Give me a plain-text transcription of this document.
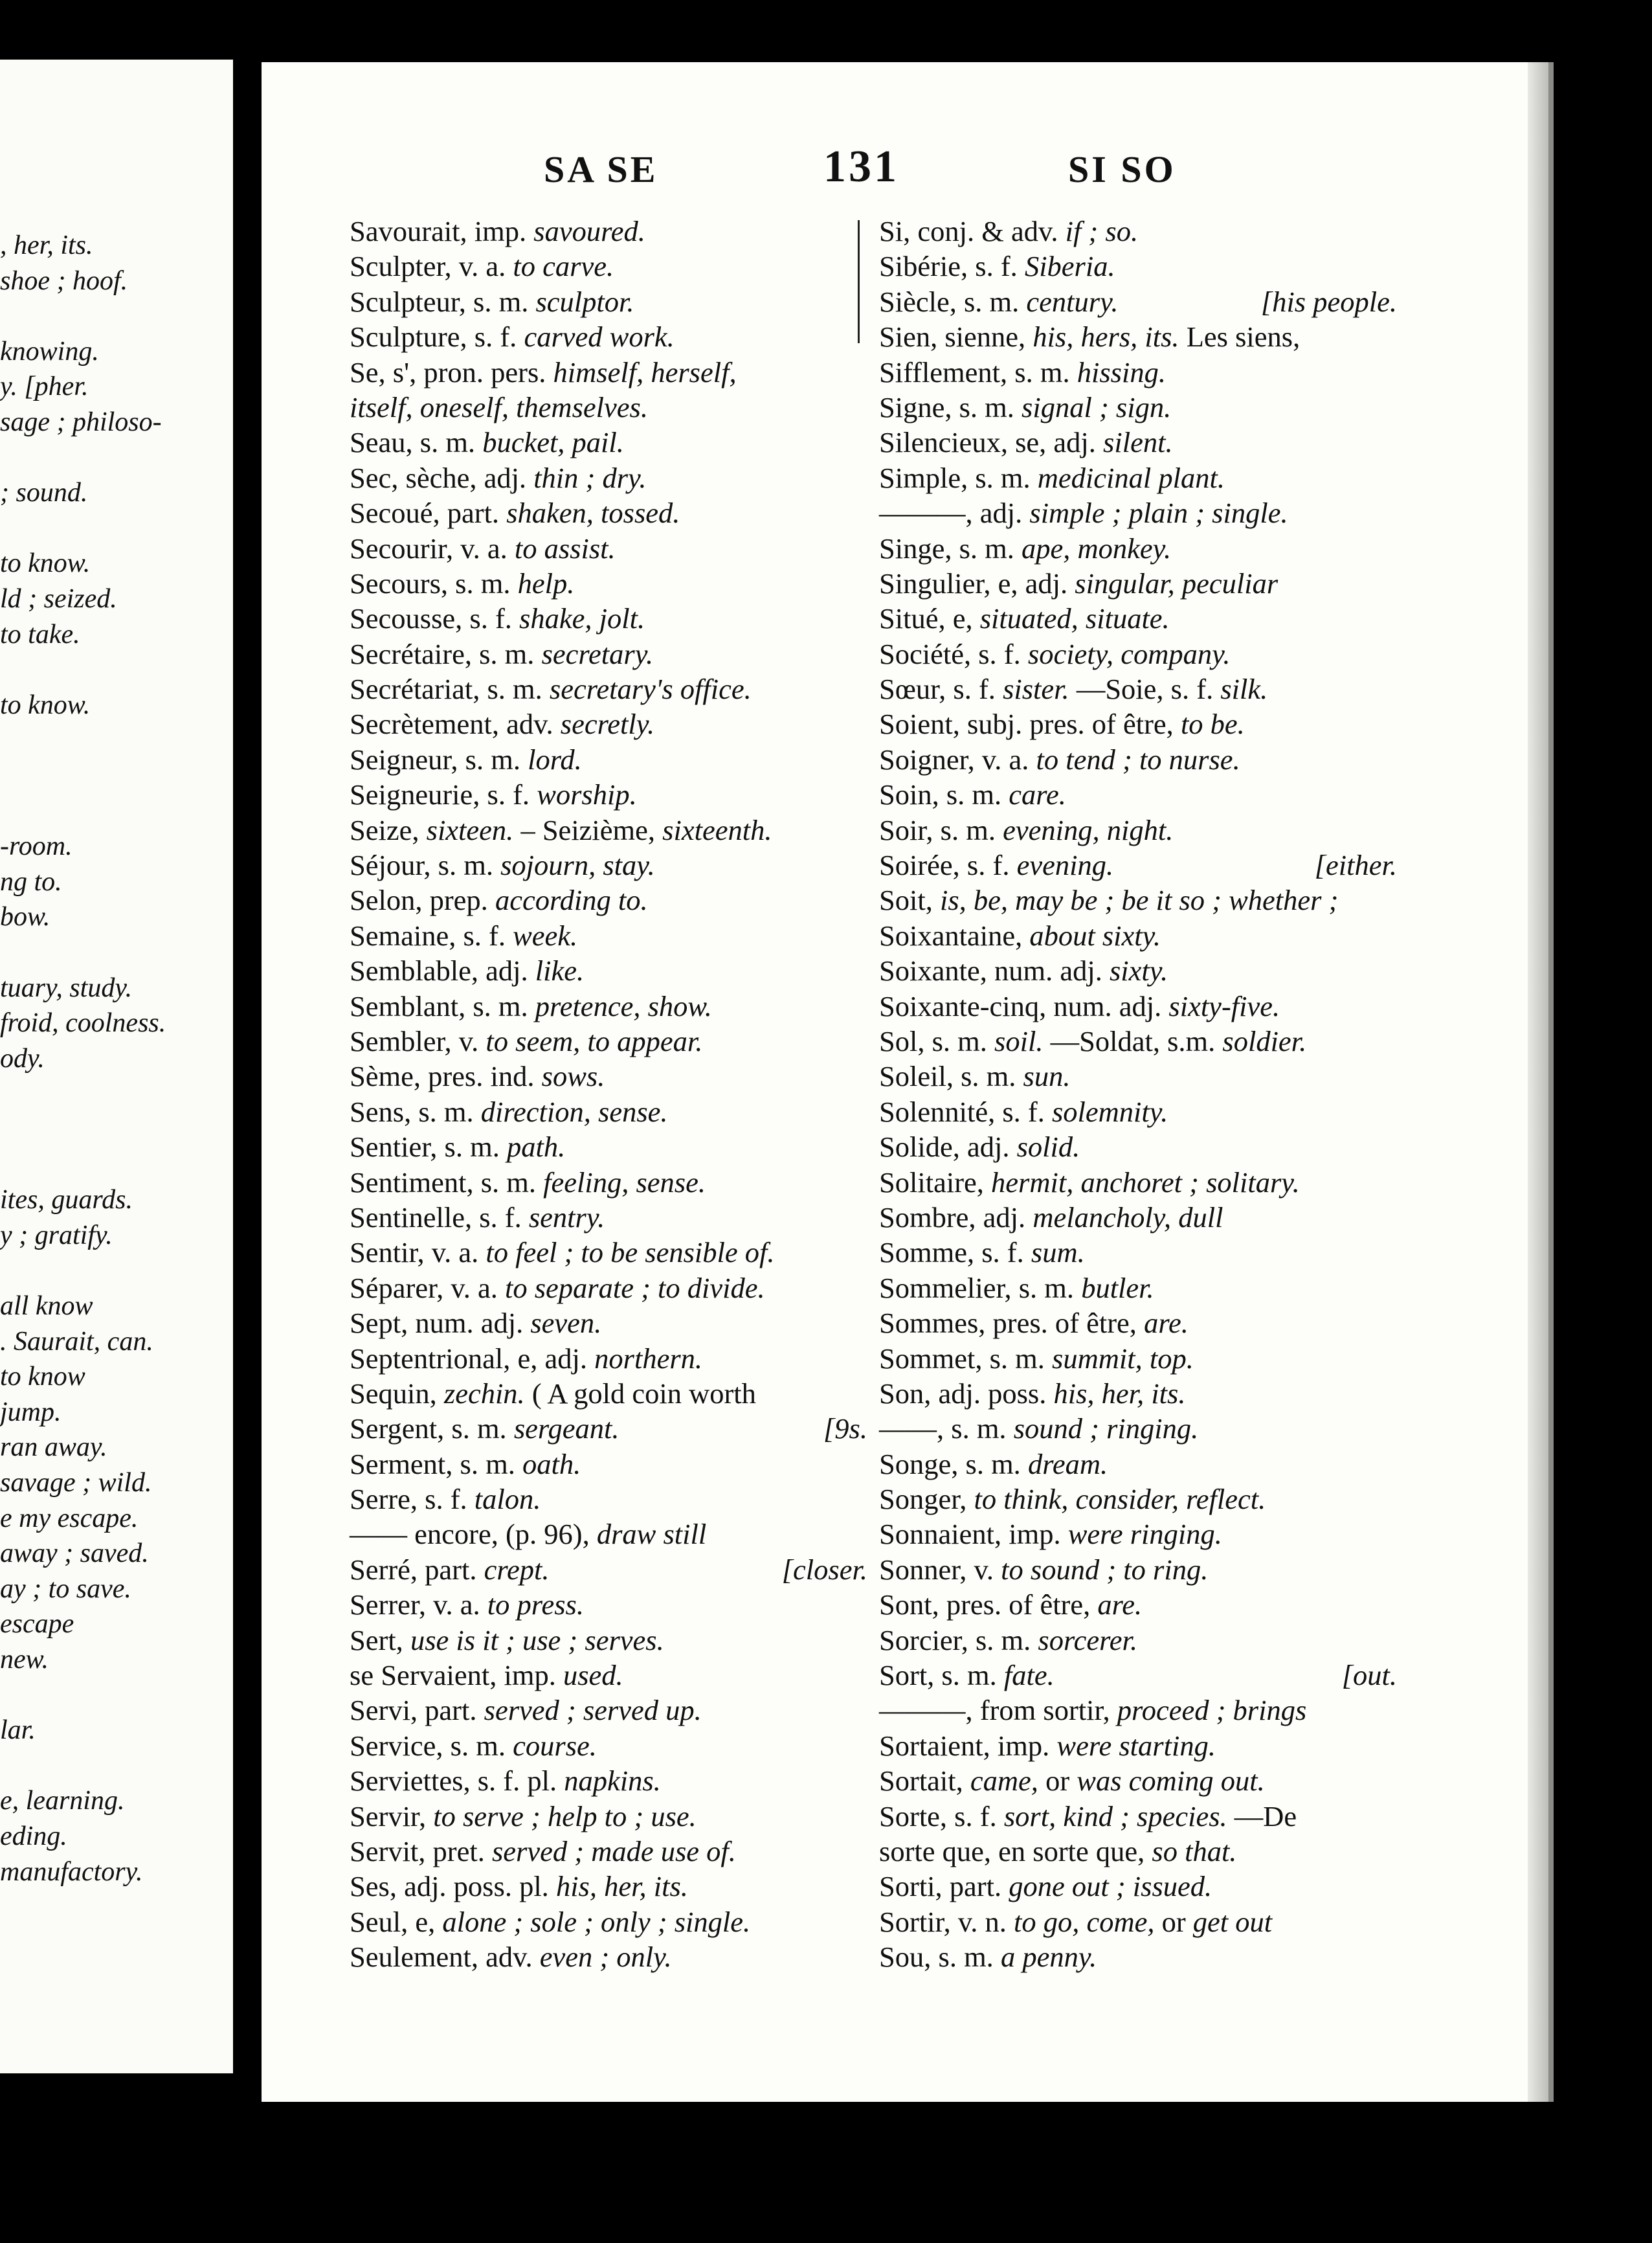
, her, its.
shoe ; hoof.
knowing.
y. [pher.
sage ; philoso-
; sound.
to know.
ld ; seized.
to take.
to know.
-room.
ng to.
bow.
tuary, study.
froid, coolness.
ody.
ites, guards.
y ; gratify.
all know
. Saurait, can.
to know
jump.
ran away.
savage ; wild.
e my escape.
away ; saved.
ay ; to save.
escape
new.
lar.
e, learning.
eding.
manufactory.
SA SE	131	SI SO
Savourait, imp. savoured.
Sculpter, v. a. to carve.
Sculpteur, s. m. sculptor.
Sculpture, s. f. carved work.
Se, s', pron. pers. himself, herself,
itself, oneself, themselves.
Seau, s. m. bucket, pail.
Sec, sèche, adj. thin ; dry.
Secoué, part. shaken, tossed.
Secourir, v. a. to assist.
Secours, s. m. help.
Secousse, s. f. shake, jolt.
Secrétaire, s. m. secretary.
Secrétariat, s. m. secretary's office.
Secrètement, adv. secretly.
Seigneur, s. m. lord.
Seigneurie, s. f. worship.
Seize, sixteen. – Seizième, sixteenth.
Séjour, s. m. sojourn, stay.
Selon, prep. according to.
Semaine, s. f. week.
Semblable, adj. like.
Semblant, s. m. pretence, show.
Sembler, v. to seem, to appear.
Sème, pres. ind. sows.
Sens, s. m. direction, sense.
Sentier, s. m. path.
Sentiment, s. m. feeling, sense.
Sentinelle, s. f. sentry.
Sentir, v. a. to feel ; to be sensible of.
Séparer, v. a. to separate ; to divide.
Sept, num. adj. seven.
Septentrional, e, adj. northern.
Sequin, zechin. ( A gold coin worth
[9s.
Sergent, s. m. sergeant.
Serment, s. m. oath.
Serre, s. f. talon.
—— encore, (p. 96), draw still
[closer.
Serré, part. crept.
Serrer, v. a. to press.
Sert, use is it ; use ; serves.
se Servaient, imp. used.
Servi, part. served ; served up.
Service, s. m. course.
Serviettes, s. f. pl. napkins.
Servir, to serve ; help to ; use.
Servit, pret. served ; made use of.
Ses, adj. poss. pl. his, her, its.
Seul, e, alone ; sole ; only ; single.
Seulement, adv. even ; only.
Si, conj. & adv. if ; so.
Sibérie, s. f. Siberia.
[his people.
Siècle, s. m. century.
Sien, sienne, his, hers, its. Les siens,
Sifflement, s. m. hissing.
Signe, s. m. signal ; sign.
Silencieux, se, adj. silent.
Simple, s. m. medicinal plant.
———, adj. simple ; plain ; single.
Singe, s. m. ape, monkey.
Singulier, e, adj. singular, peculiar
Situé, e, situated, situate.
Société, s. f. society, company.
Sœur, s. f. sister. —Soie, s. f. silk.
Soient, subj. pres. of être, to be.
Soigner, v. a. to tend ; to nurse.
Soin, s. m. care.
Soir, s. m. evening, night.
[either.
Soirée, s. f. evening.
Soit, is, be, may be ; be it so ; whether ;
Soixantaine, about sixty.
Soixante, num. adj. sixty.
Soixante-cinq, num. adj. sixty-five.
Sol, s. m. soil. —Soldat, s.m. soldier.
Soleil, s. m. sun.
Solennité, s. f. solemnity.
Solide, adj. solid.
Solitaire, hermit, anchoret ; solitary.
Sombre, adj. melancholy, dull
Somme, s. f. sum.
Sommelier, s. m. butler.
Sommes, pres. of être, are.
Sommet, s. m. summit, top.
Son, adj. poss. his, her, its.
——, s. m. sound ; ringing.
Songe, s. m. dream.
Songer, to think, consider, reflect.
Sonnaient, imp. were ringing.
Sonner, v. to sound ; to ring.
Sont, pres. of être, are.
Sorcier, s. m. sorcerer.
[out.
Sort, s. m. fate.
———, from sortir, proceed ; brings
Sortaient, imp. were starting.
Sortait, came, or was coming out.
Sorte, s. f. sort, kind ; species. —De
sorte que, en sorte que, so that.
Sorti, part. gone out ; issued.
Sortir, v. n. to go, come, or get out
Sou, s. m. a penny.
